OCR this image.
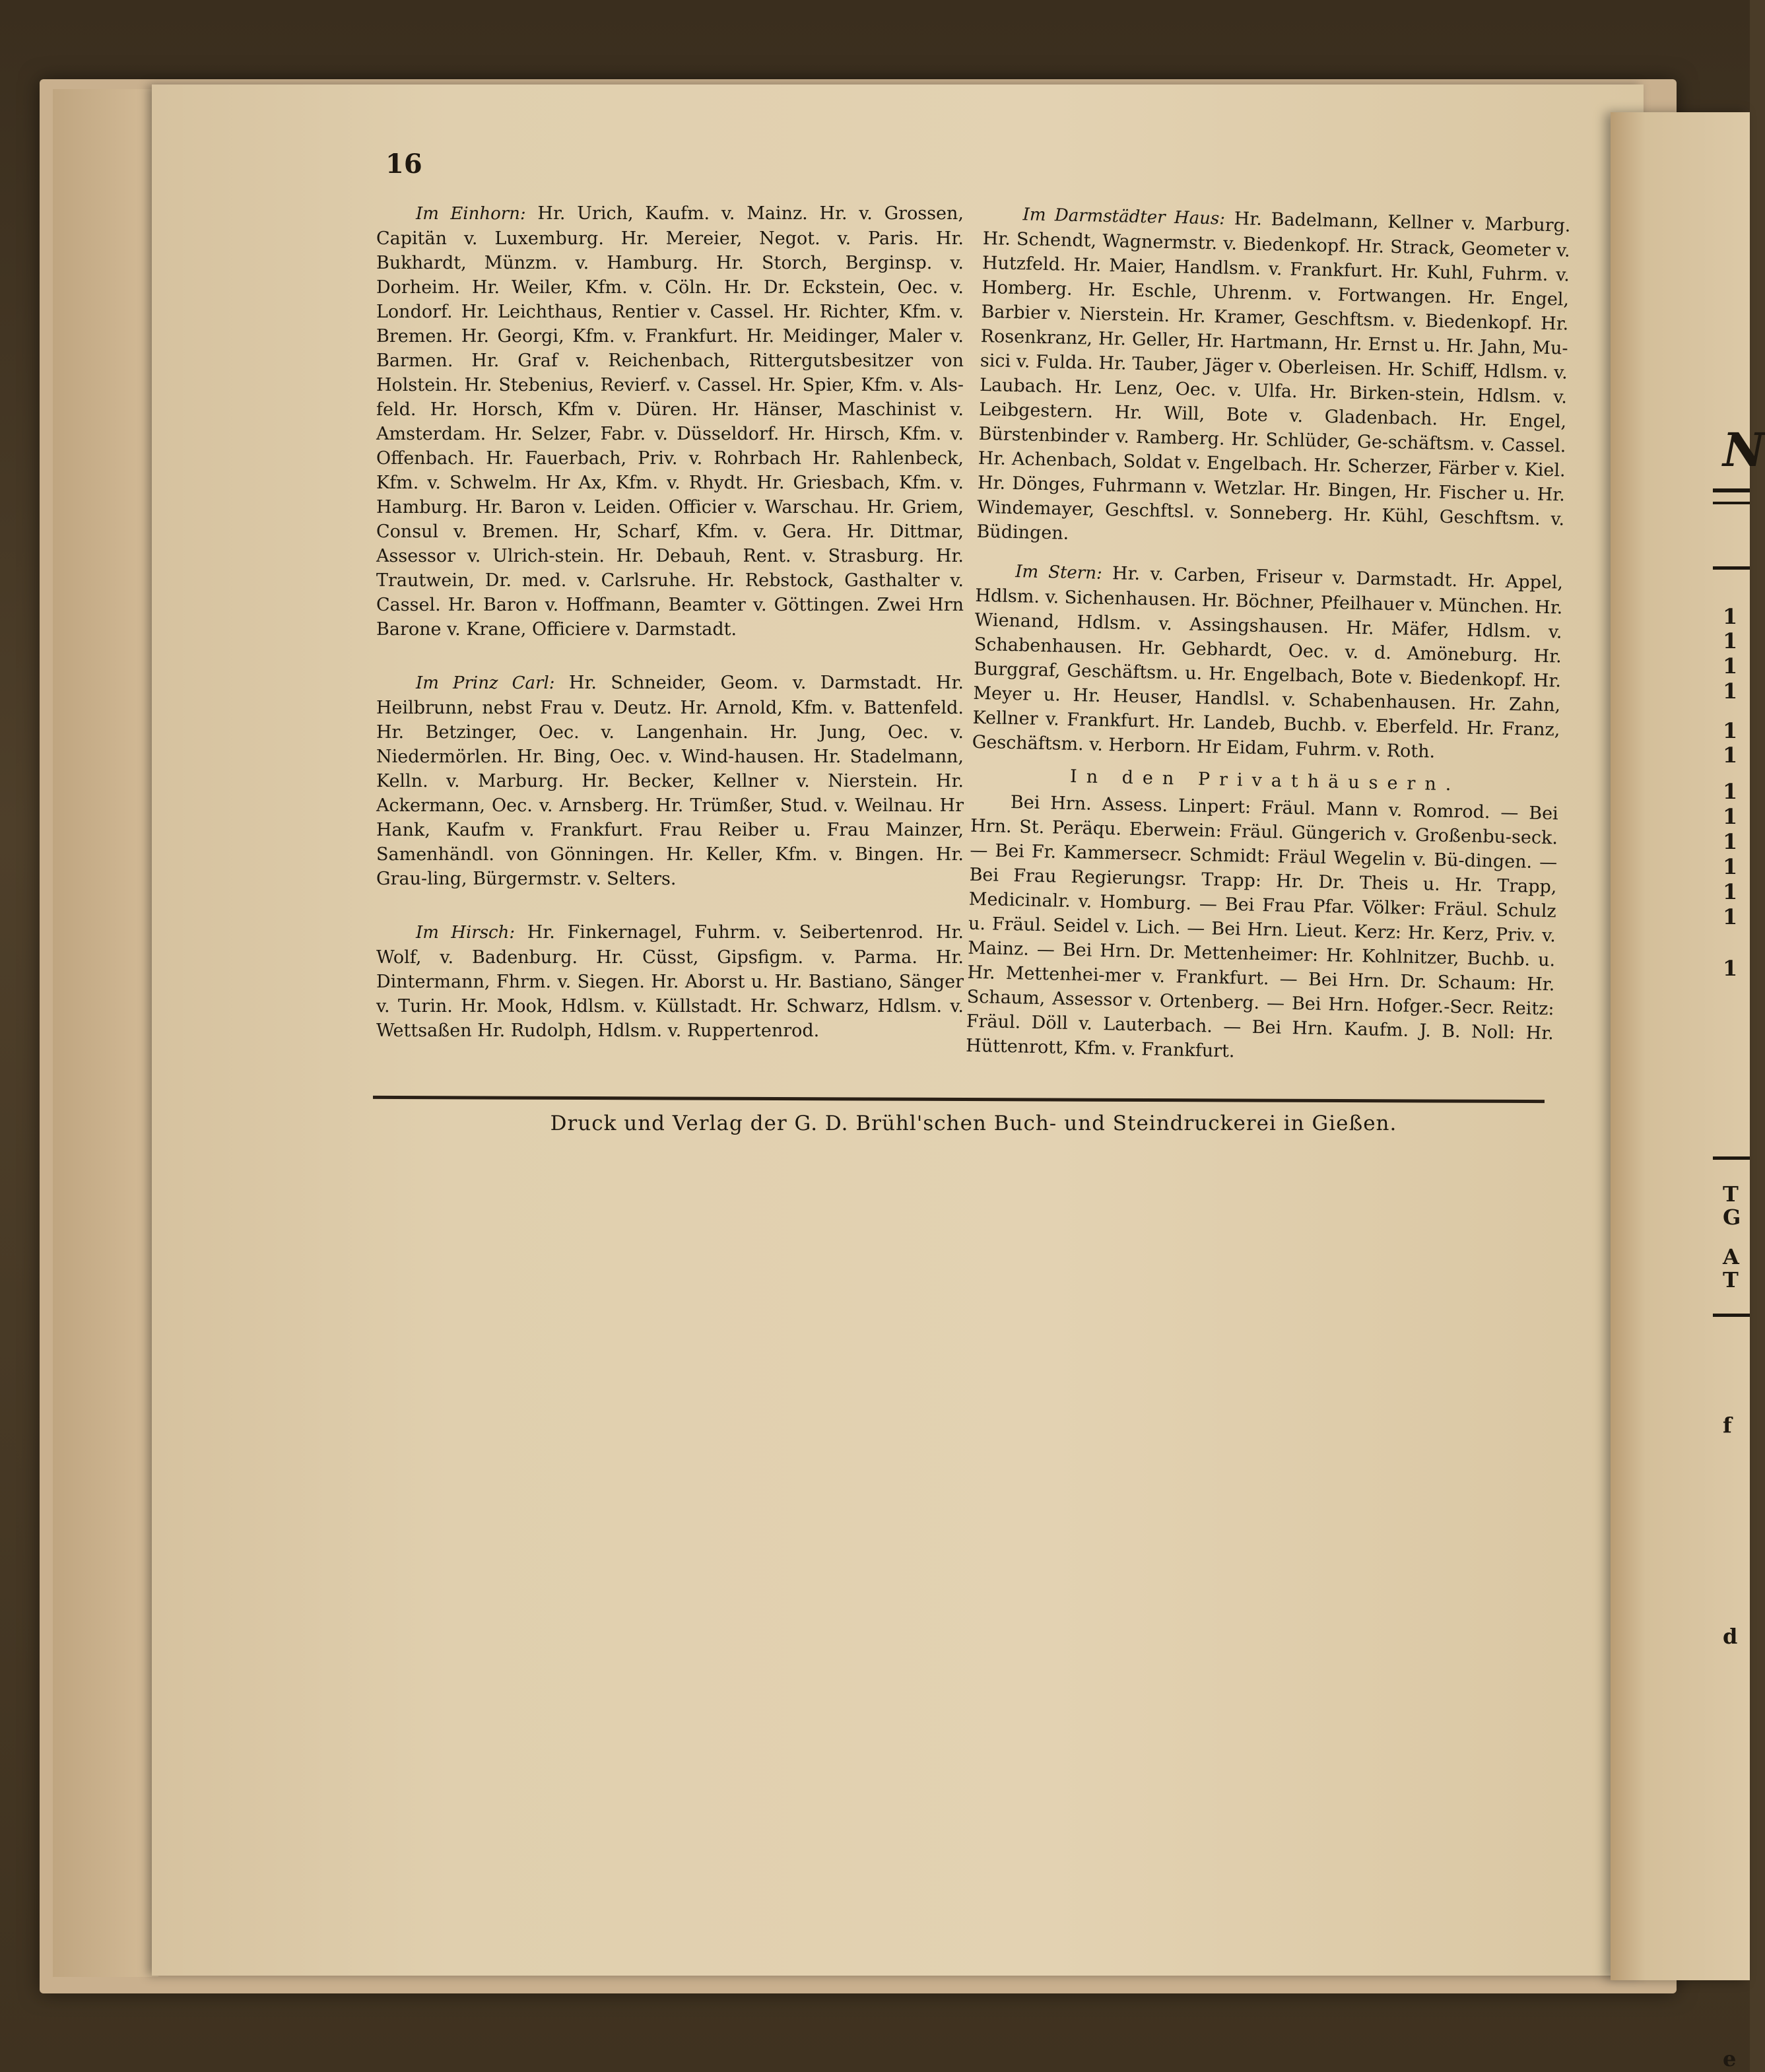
16

Im Einhorn: Hr. Urich, Kaufm. v. Mainz. Hr. v. Grossen, Capitän v. Luxemburg. Hr. Mereier, Negot. v. Paris. Hr. Bukhardt, Münzm. v. Hamburg. Hr. Storch, Berginsp. v. Dorheim. Hr. Weiler, Kfm. v. Cöln. Hr. Dr. Eckstein, Oec. v. Londorf. Hr. Leichthaus, Rentier v. Cassel. Hr. Richter, Kfm. v. Bremen. Hr. Georgi, Kfm. v. Frankfurt. Hr. Meidinger, Maler v. Barmen. Hr. Graf v. Reichenbach, Rittergutsbesitzer von Holstein. Hr. Stebenius, Revierf. v. Cassel. Hr. Spier, Kfm. v. Als-feld. Hr. Horsch, Kfm v. Düren. Hr. Hänser, Maschinist v. Amsterdam. Hr. Selzer, Fabr. v. Düsseldorf. Hr. Hirsch, Kfm. v. Offenbach. Hr. Fauerbach, Priv. v. Rohrbach Hr. Rahlenbeck, Kfm. v. Schwelm. Hr Ax, Kfm. v. Rhydt. Hr. Griesbach, Kfm. v. Hamburg. Hr. Baron v. Leiden. Officier v. Warschau. Hr. Griem, Consul v. Bremen. Hr, Scharf, Kfm. v. Gera. Hr. Dittmar, Assessor v. Ulrich-stein. Hr. Debauh, Rent. v. Strasburg. Hr. Trautwein, Dr. med. v. Carlsruhe. Hr. Rebstock, Gasthalter v. Cassel. Hr. Baron v. Hoffmann, Beamter v. Göttingen. Zwei Hrn Barone v. Krane, Officiere v. Darmstadt.

Im Prinz Carl: Hr. Schneider, Geom. v. Darmstadt. Hr. Heilbrunn, nebst Frau v. Deutz. Hr. Arnold, Kfm. v. Battenfeld. Hr. Betzinger, Oec. v. Langenhain. Hr. Jung, Oec. v. Niedermörlen. Hr. Bing, Oec. v. Wind-hausen. Hr. Stadelmann, Kelln. v. Marburg. Hr. Becker, Kellner v. Nierstein. Hr. Ackermann, Oec. v. Arnsberg. Hr. Trümßer, Stud. v. Weilnau. Hr Hank, Kaufm v. Frankfurt. Frau Reiber u. Frau Mainzer, Samenhändl. von Gönningen. Hr. Keller, Kfm. v. Bingen. Hr. Grau-ling, Bürgermstr. v. Selters.

Im Hirsch: Hr. Finkernagel, Fuhrm. v. Seibertenrod. Hr. Wolf, v. Badenburg. Hr. Cüsst, Gipsfigm. v. Parma. Hr. Dintermann, Fhrm. v. Siegen. Hr. Aborst u. Hr. Bastiano, Sänger v. Turin. Hr. Mook, Hdlsm. v. Küllstadt. Hr. Schwarz, Hdlsm. v. Wettsaßen Hr. Rudolph, Hdlsm. v. Ruppertenrod.

Im Darmstädter Haus: Hr. Badelmann, Kellner v. Marburg. Hr. Schendt, Wagnermstr. v. Biedenkopf. Hr. Strack, Geometer v. Hutzfeld. Hr. Maier, Handlsm. v. Frankfurt. Hr. Kuhl, Fuhrm. v. Homberg. Hr. Eschle, Uhrenm. v. Fortwangen. Hr. Engel, Barbier v. Nierstein. Hr. Kramer, Geschftsm. v. Biedenkopf. Hr. Rosenkranz, Hr. Geller, Hr. Hartmann, Hr. Ernst u. Hr. Jahn, Mu-sici v. Fulda. Hr. Tauber, Jäger v. Oberleisen. Hr. Schiff, Hdlsm. v. Laubach. Hr. Lenz, Oec. v. Ulfa. Hr. Birken-stein, Hdlsm. v. Leibgestern. Hr. Will, Bote v. Gladenbach. Hr. Engel, Bürstenbinder v. Ramberg. Hr. Schlüder, Ge-schäftsm. v. Cassel. Hr. Achenbach, Soldat v. Engelbach. Hr. Scherzer, Färber v. Kiel. Hr. Dönges, Fuhrmann v. Wetzlar. Hr. Bingen, Hr. Fischer u. Hr. Windemayer, Geschftsl. v. Sonneberg. Hr. Kühl, Geschftsm. v. Büdingen.

Im Stern: Hr. v. Carben, Friseur v. Darmstadt. Hr. Appel, Hdlsm. v. Sichenhausen. Hr. Böchner, Pfeilhauer v. München. Hr. Wienand, Hdlsm. v. Assingshausen. Hr. Mäfer, Hdlsm. v. Schabenhausen. Hr. Gebhardt, Oec. v. d. Amöneburg. Hr. Burggraf, Geschäftsm. u. Hr. Engelbach, Bote v. Biedenkopf. Hr. Meyer u. Hr. Heuser, Handlsl. v. Schabenhausen. Hr. Zahn, Kellner v. Frankfurt. Hr. Landeb, Buchb. v. Eberfeld. Hr. Franz, Geschäftsm. v. Herborn. Hr Eidam, Fuhrm. v. Roth.

In den Privathäusern.

Bei Hrn. Assess. Linpert: Fräul. Mann v. Romrod. — Bei Hrn. St. Peräqu. Eberwein: Fräul. Güngerich v. Großenbu-seck. — Bei Fr. Kammersecr. Schmidt: Fräul Wegelin v. Bü-dingen. — Bei Frau Regierungsr. Trapp: Hr. Dr. Theis u. Hr. Trapp, Medicinalr. v. Homburg. — Bei Frau Pfar. Völker: Fräul. Schulz u. Fräul. Seidel v. Lich. — Bei Hrn. Lieut. Kerz: Hr. Kerz, Priv. v. Mainz. — Bei Hrn. Dr. Mettenheimer: Hr. Kohlnitzer, Buchb. u. Hr. Mettenhei-mer v. Frankfurt. — Bei Hrn. Dr. Schaum: Hr. Schaum, Assessor v. Ortenberg. — Bei Hrn. Hofger.-Secr. Reitz: Fräul. Döll v. Lauterbach. — Bei Hrn. Kaufm. J. B. Noll: Hr. Hüttenrott, Kfm. v. Frankfurt.

Druck und Verlag der G. D. Brühl'schen Buch- und Steindruckerei in Gießen.
N
1
1
1
1
1
1
1
1
1
1
1
1
1
T
G
A
T
f
d
e
